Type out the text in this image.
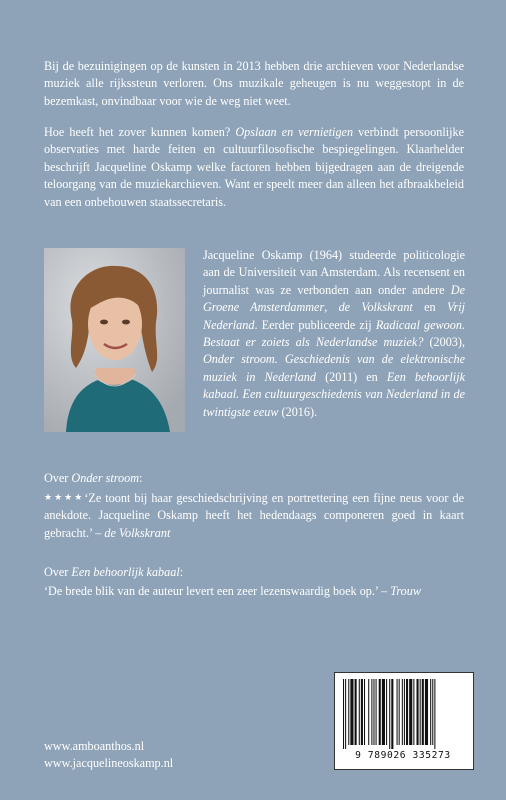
Bij de bezuinigingen op de kunsten in 2013 hebben drie archieven voor Nederlandse muziek alle rijkssteun verloren. Ons muzikale geheugen is nu weggestopt in de bezemkast, onvindbaar voor wie de weg niet weet.

Hoe heeft het zover kunnen komen? Opslaan en vernietigen verbindt persoonlijke observaties met harde feiten en cultuurfilosofische bespiegelingen. Klaarhelder beschrijft Jacqueline Oskamp welke factoren hebben bijgedragen aan de dreigende teloorgang van de muziekarchieven. Want er speelt meer dan alleen het afbraakbeleid van een onbehouwen staatssecretaris.

Jacqueline Oskamp (1964) studeerde politicologie aan de Universiteit van Amsterdam. Als recensent en journalist was ze verbonden aan onder andere De Groene Amsterdammer, de Volkskrant en Vrij Nederland. Eerder publiceerde zij Radicaal gewoon. Bestaat er zoiets als Nederlandse muziek? (2003), Onder stroom. Geschiedenis van de elektronische muziek in Nederland (2011) en Een behoorlijk kabaal. Een cultuurgeschiedenis van Nederland in de twintigste eeuw (2016).

Over Onder stroom:

★★★★‘Ze toont bij haar geschiedschrijving en portrettering een fijne neus voor de anekdote. Jacqueline Oskamp heeft het hedendaags componeren goed in kaart gebracht.’ – de Volkskrant

Over Een behoorlijk kabaal:

‘De brede blik van de auteur levert een zeer lezenswaardig boek op.’ – Trouw

www.amboanthos.nl
www.jacquelineoskamp.nl
9 789026 335273
